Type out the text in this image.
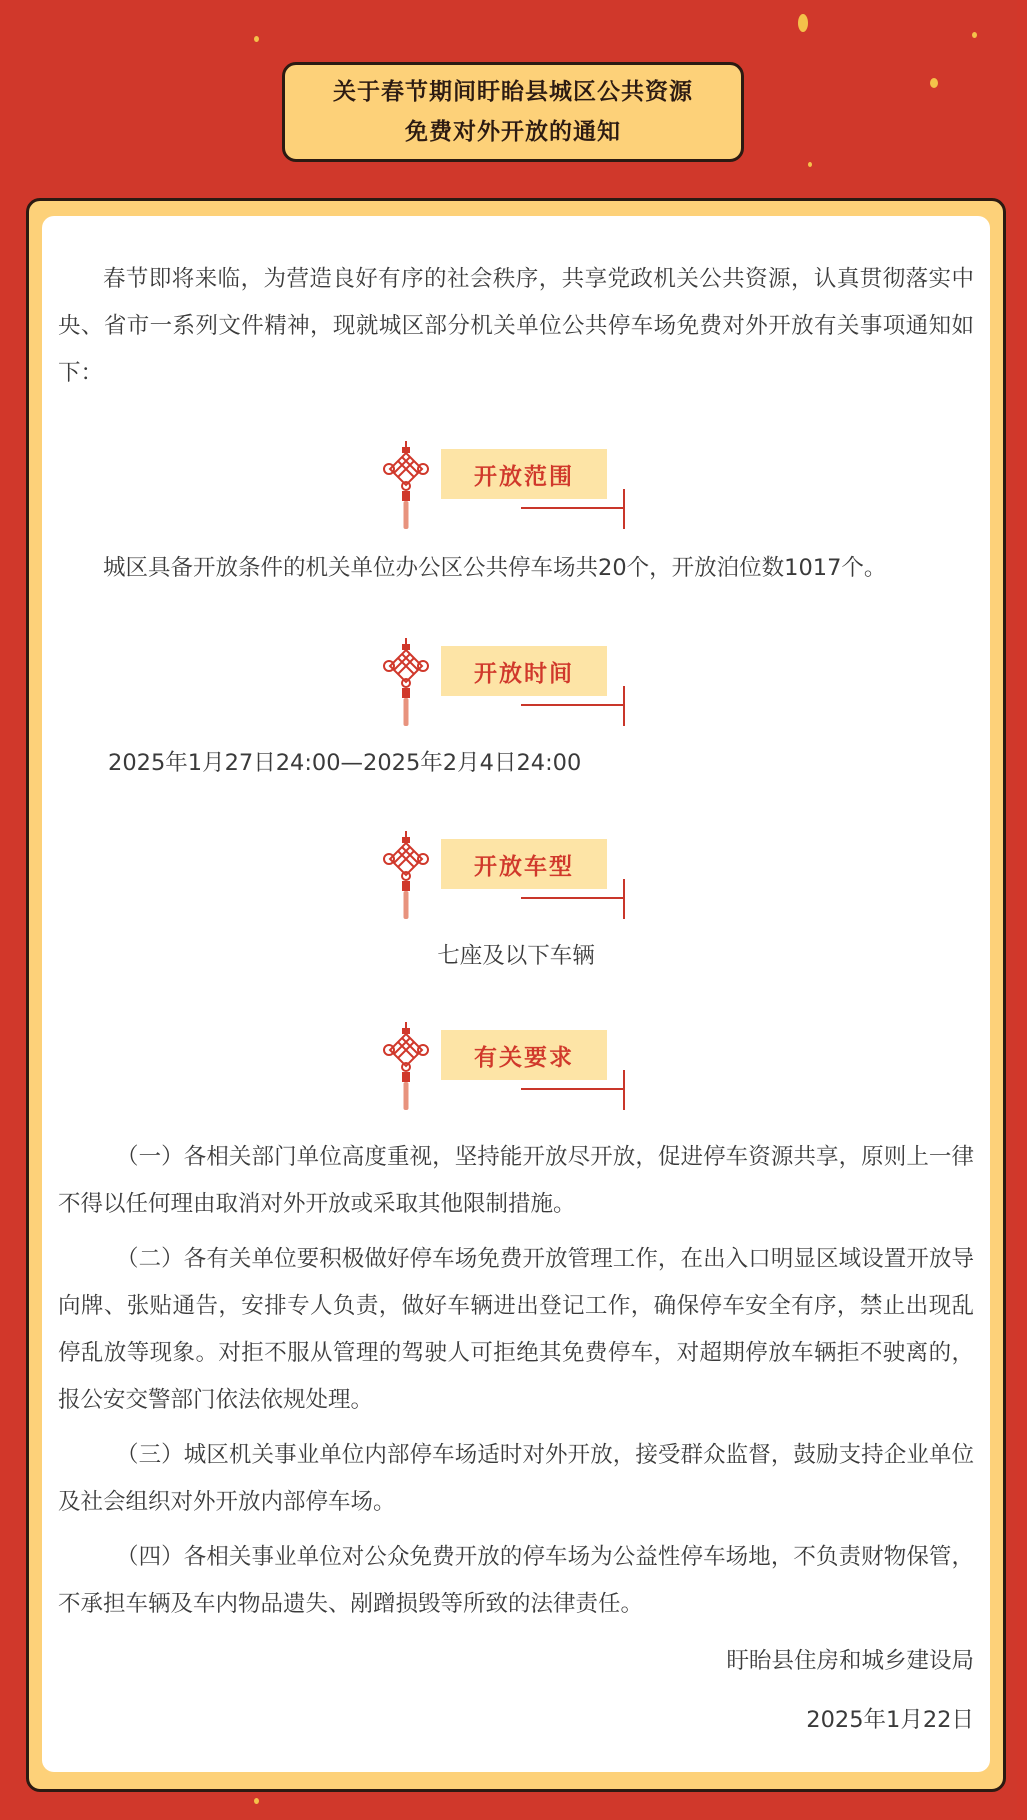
关于春节期间盱眙县城区公共资源
免费对外开放的通知

春节即将来临，为营造良好有序的社会秩序，共享党政机关公共资源，认真贯彻落实中央、省市一系列文件精神，现就城区部分机关单位公共停车场免费对外开放有关事项通知如下：

开放范围

城区具备开放条件的机关单位办公区公共停车场共20个，开放泊位数1017个。

开放时间

2025年1月27日24:00—2025年2月4日24:00

开放车型

七座及以下车辆

有关要求

（一）各相关部门单位高度重视，坚持能开放尽开放，促进停车资源共享，原则上一律不得以任何理由取消对外开放或采取其他限制措施。

（二）各有关单位要积极做好停车场免费开放管理工作，在出入口明显区域设置开放导向牌、张贴通告，安排专人负责，做好车辆进出登记工作，确保停车安全有序，禁止出现乱停乱放等现象。对拒不服从管理的驾驶人可拒绝其免费停车，对超期停放车辆拒不驶离的，报公安交警部门依法依规处理。

（三）城区机关事业单位内部停车场适时对外开放，接受群众监督，鼓励支持企业单位及社会组织对外开放内部停车场。

（四）各相关事业单位对公众免费开放的停车场为公益性停车场地，不负责财物保管，不承担车辆及车内物品遗失、剐蹭损毁等所致的法律责任。

盱眙县住房和城乡建设局

2025年1月22日
